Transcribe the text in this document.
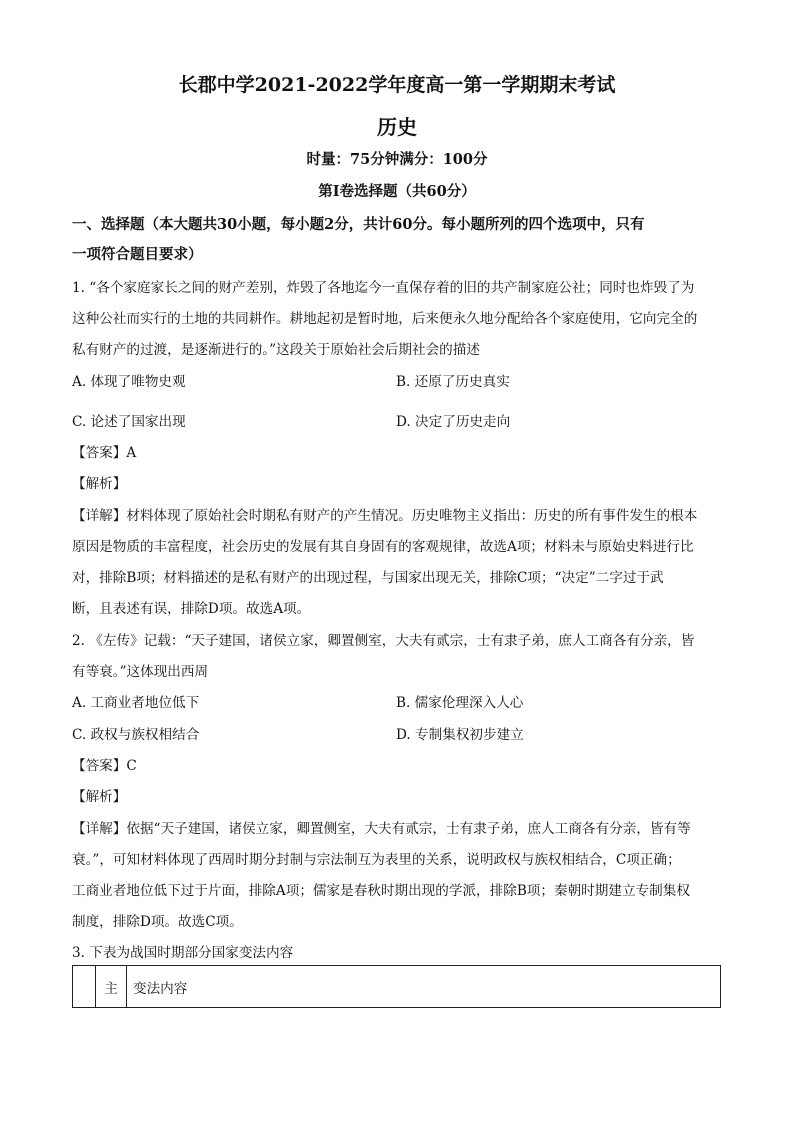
长郡中学2021-2022学年度高一第一学期期末考试
历史
时量：75分钟满分：100分
第Ⅰ卷选择题（共60分）
一、选择题（本大题共30小题，每小题2分，共计60分。每小题所列的四个选项中，只有
一项符合题目要求）
1. “各个家庭家长之间的财产差别，炸毁了各地迄今一直保存着的旧的共产制家庭公社；同时也炸毁了为
这种公社而实行的土地的共同耕作。耕地起初是暂时地，后来便永久地分配给各个家庭使用，它向完全的
私有财产的过渡，是逐渐进行的。”这段关于原始社会后期社会的描述
A. 体现了唯物史观	B. 还原了历史真实
C. 论述了国家出现	D. 决定了历史走向
【答案】A
【解析】
【详解】材料体现了原始社会时期私有财产的产生情况。历史唯物主义指出：历史的所有事件发生的根本
原因是物质的丰富程度，社会历史的发展有其自身固有的客观规律，故选A项；材料未与原始史料进行比
对，排除B项；材料描述的是私有财产的出现过程，与国家出现无关，排除C项；“决定”二字过于武
断，且表述有误，排除D项。故选A项。
2. 《左传》记载：“天子建国，诸侯立家，卿置侧室，大夫有贰宗，士有隶子弟，庶人工商各有分亲，皆
有等衰。”这体现出西周
A. 工商业者地位低下	B. 儒家伦理深入人心
C. 政权与族权相结合	D. 专制集权初步建立
【答案】C
【解析】
【详解】依据“天子建国，诸侯立家，卿置侧室，大夫有贰宗，士有隶子弟，庶人工商各有分亲，皆有等
衰。”，可知材料体现了西周时期分封制与宗法制互为表里的关系，说明政权与族权相结合，C项正确；
工商业者地位低下过于片面，排除A项；儒家是春秋时期出现的学派，排除B项；秦朝时期建立专制集权
制度，排除D项。故选C项。
3. 下表为战国时期部分国家变法内容
	主	变法内容
